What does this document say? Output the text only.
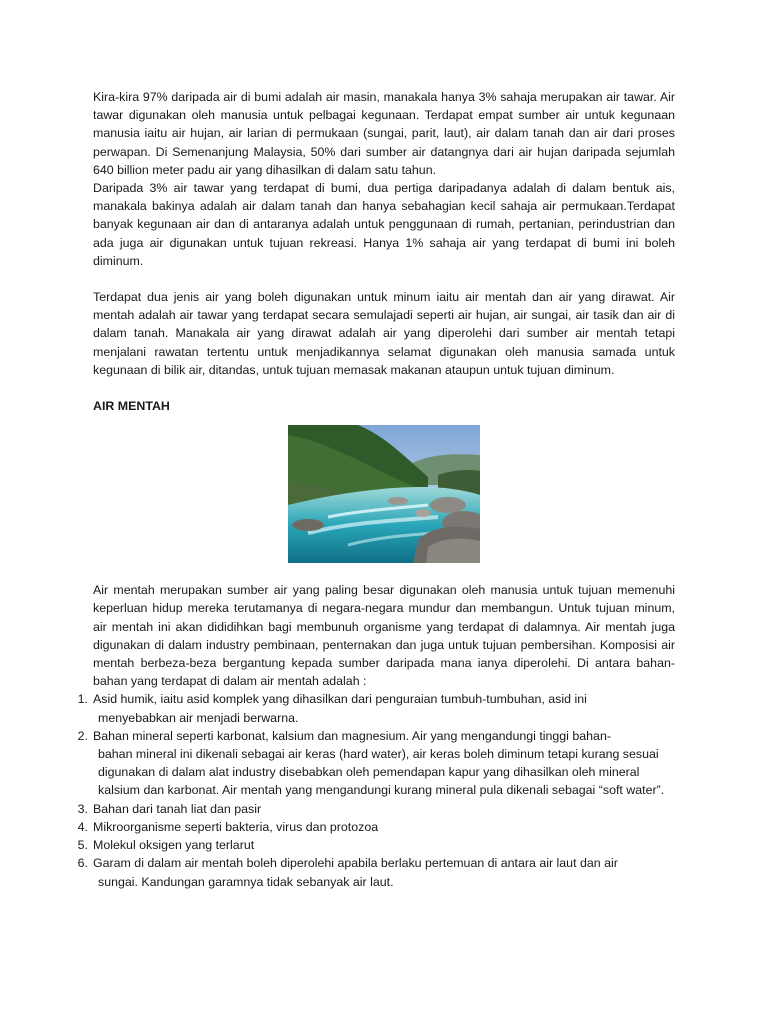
Kira-kira 97% daripada air di bumi adalah air masin, manakala hanya 3% sahaja merupakan air tawar. Air tawar digunakan oleh manusia untuk pelbagai kegunaan. Terdapat empat sumber air untuk kegunaan manusia iaitu air hujan, air larian di permukaan (sungai, parit, laut), air dalam tanah dan air dari proses perwapan. Di Semenanjung Malaysia, 50% dari sumber air datangnya dari air hujan daripada sejumlah 640 billion meter padu air yang dihasilkan di dalam satu tahun.

Daripada 3% air tawar yang terdapat di bumi, dua pertiga daripadanya adalah di dalam bentuk ais, manakala bakinya adalah air dalam tanah dan hanya sebahagian kecil sahaja air permukaan.Terdapat banyak kegunaan air dan di antaranya adalah untuk penggunaan di rumah, pertanian, perindustrian dan ada juga air digunakan untuk tujuan rekreasi. Hanya 1% sahaja air yang terdapat di bumi ini boleh diminum.

Terdapat dua jenis air yang boleh digunakan untuk minum iaitu air mentah dan air yang dirawat. Air mentah adalah air tawar yang terdapat secara semulajadi seperti air hujan, air sungai, air tasik dan air di dalam tanah. Manakala air yang dirawat adalah air yang diperolehi dari sumber air mentah tetapi menjalani rawatan tertentu untuk menjadikannya selamat digunakan oleh manusia samada untuk kegunaan di bilik air, ditandas, untuk tujuan memasak makanan ataupun untuk tujuan diminum.

AIR MENTAH

Air mentah merupakan sumber air yang paling besar digunakan oleh manusia untuk tujuan memenuhi keperluan hidup mereka terutamanya di negara-negara mundur dan membangun. Untuk tujuan minum, air mentah ini akan dididihkan bagi membunuh organisme yang terdapat di dalamnya. Air mentah juga digunakan di dalam industry pembinaan, penternakan dan juga untuk tujuan pembersihan. Komposisi air mentah berbeza-beza bergantung kepada sumber daripada mana ianya diperolehi. Di antara bahan-bahan yang terdapat di dalam air mentah adalah :

1. Asid humik, iaitu asid komplek yang dihasilkan dari penguraian tumbuh-tumbuhan, asid ini
menyebabkan air menjadi berwarna.
2. Bahan mineral seperti karbonat, kalsium dan magnesium. Air yang mengandungi tinggi bahan-
bahan mineral ini dikenali sebagai air keras (hard water), air keras boleh diminum tetapi kurang sesuai digunakan di dalam alat industry disebabkan oleh pemendapan kapur yang dihasilkan oleh mineral kalsium dan karbonat. Air mentah yang mengandungi kurang mineral pula dikenali sebagai “soft water”.
3. Bahan dari tanah liat dan pasir
4. Mikroorganisme seperti bakteria, virus dan protozoa
5. Molekul oksigen yang terlarut
6. Garam di dalam air mentah boleh diperolehi apabila berlaku pertemuan di antara air laut dan air
sungai. Kandungan garamnya tidak sebanyak air laut.
